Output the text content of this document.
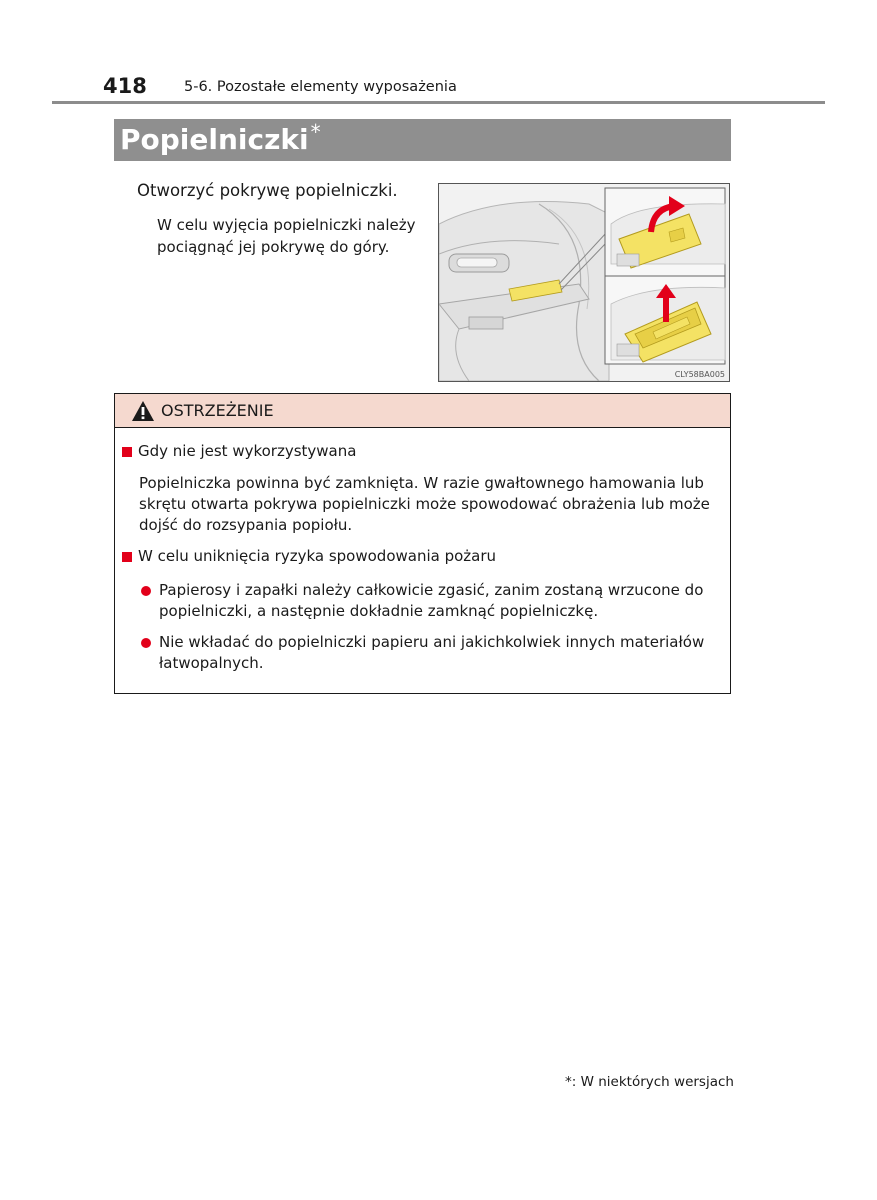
418	5-6. Pozostałe elementy wyposażenia
Popielniczki *
Otworzyć pokrywę popielniczki.
W celu wyjęcia popielniczki należy pociągnąć jej pokrywę do góry.
CLY58BA005
OSTRZEŻENIE
Gdy nie jest wykorzystywana
Popielniczka powinna być zamknięta. W razie gwałtownego hamowania lub skrętu otwarta pokrywa popielniczki może spowodować obrażenia lub może dojść do rozsypania popiołu.
W celu uniknięcia ryzyka spowodowania pożaru
Papierosy i zapałki należy całkowicie zgasić, zanim zostaną wrzucone do popielniczki, a następnie dokładnie zamknąć popielniczkę.
Nie wkładać do popielniczki papieru ani jakichkolwiek innych materiałów łatwopalnych.
*: W niektórych wersjach
